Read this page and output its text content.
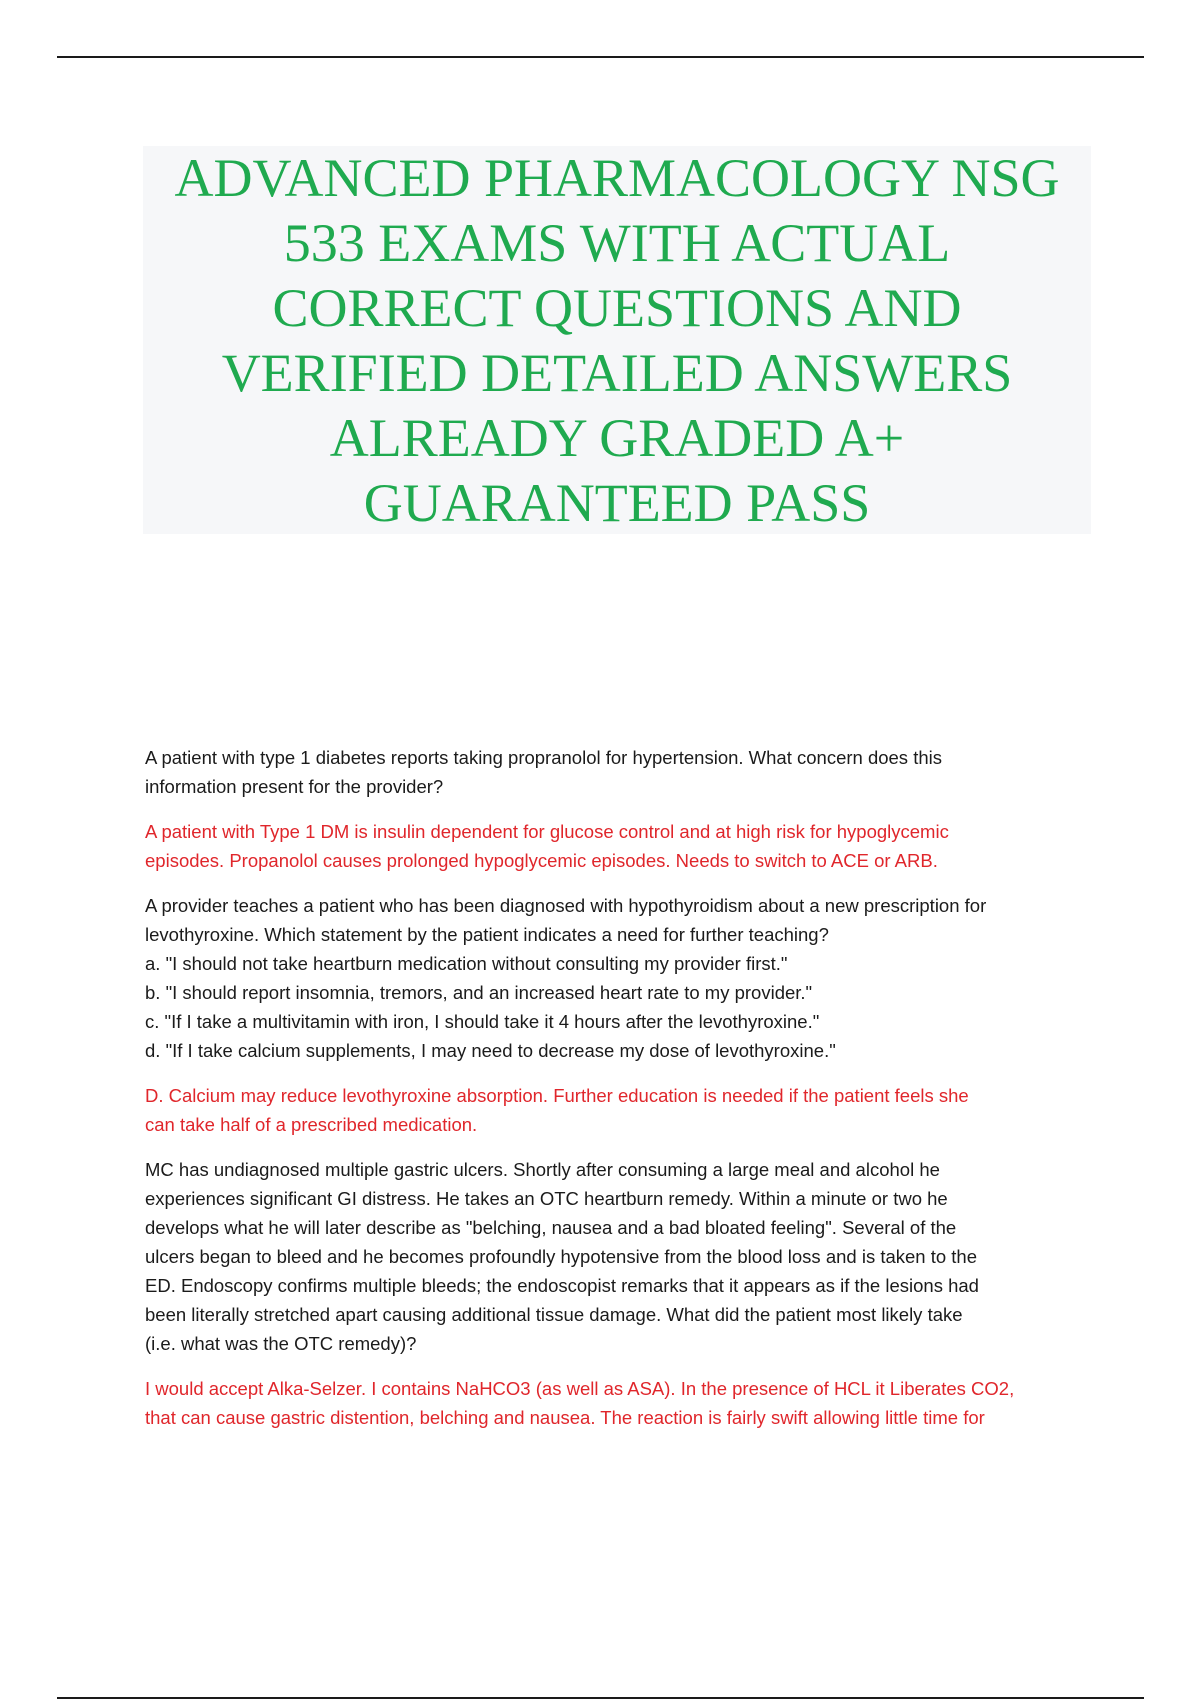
ADVANCED PHARMACOLOGY NSG
533 EXAMS WITH ACTUAL
CORRECT QUESTIONS AND
VERIFIED DETAILED ANSWERS
ALREADY GRADED A+
GUARANTEED PASS
A patient with type 1 diabetes reports taking propranolol for hypertension. What concern does this
information present for the provider?
A patient with Type 1 DM is insulin dependent for glucose control and at high risk for hypoglycemic
episodes. Propanolol causes prolonged hypoglycemic episodes. Needs to switch to ACE or ARB.
A provider teaches a patient who has been diagnosed with hypothyroidism about a new prescription for
levothyroxine. Which statement by the patient indicates a need for further teaching?
a. "I should not take heartburn medication without consulting my provider first."
b. "I should report insomnia, tremors, and an increased heart rate to my provider."
c. "If I take a multivitamin with iron, I should take it 4 hours after the levothyroxine."
d. "If I take calcium supplements, I may need to decrease my dose of levothyroxine."
D. Calcium may reduce levothyroxine absorption. Further education is needed if the patient feels she
can take half of a prescribed medication.
MC has undiagnosed multiple gastric ulcers. Shortly after consuming a large meal and alcohol he
experiences significant GI distress. He takes an OTC heartburn remedy. Within a minute or two he
develops what he will later describe as "belching, nausea and a bad bloated feeling". Several of the
ulcers began to bleed and he becomes profoundly hypotensive from the blood loss and is taken to the
ED. Endoscopy confirms multiple bleeds; the endoscopist remarks that it appears as if the lesions had
been literally stretched apart causing additional tissue damage. What did the patient most likely take
(i.e. what was the OTC remedy)?
I would accept Alka-Selzer. I contains NaHCO3 (as well as ASA). In the presence of HCL it Liberates CO2,
that can cause gastric distention, belching and nausea. The reaction is fairly swift allowing little time for
